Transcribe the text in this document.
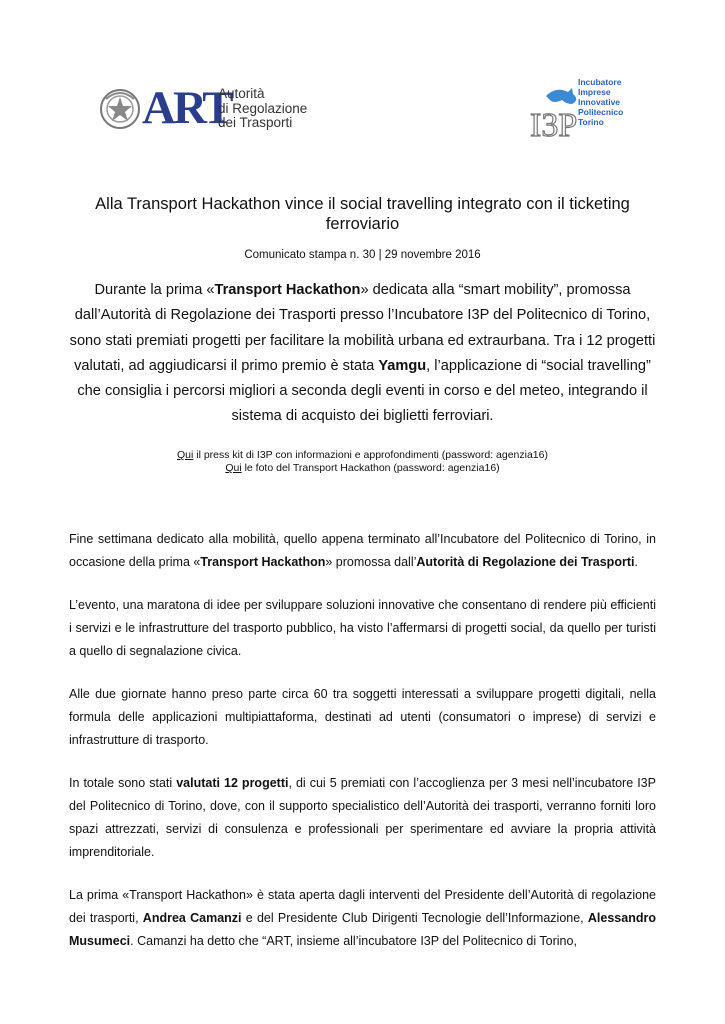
ART
Autorità
di Regolazione
dei Trasporti	I3P
Incubatore
Imprese
Innovative
Politecnico
Torino
Alla Transport Hackathon vince il social travelling integrato con il ticketing ferroviario
Comunicato stampa n. 30 | 29 novembre 2016
Durante la prima «Transport Hackathon» dedicata alla “smart mobility”, promossa dall’Autorità di Regolazione dei Trasporti presso l’Incubatore I3P del Politecnico di Torino, sono stati premiati progetti per facilitare la mobilità urbana ed extraurbana. Tra i 12 progetti valutati, ad aggiudicarsi il primo premio è stata Yamgu, l’applicazione di “social travelling” che consiglia i percorsi migliori a seconda degli eventi in corso e del meteo, integrando il sistema di acquisto dei biglietti ferroviari.
Qui il press kit di I3P con informazioni e approfondimenti (password: agenzia16)
Qui le foto del Transport Hackathon (password: agenzia16)

Fine settimana dedicato alla mobilità, quello appena terminato all’Incubatore del Politecnico di Torino, in occasione della prima «Transport Hackathon» promossa dall’Autorità di Regolazione dei Trasporti.

L’evento, una maratona di idee per sviluppare soluzioni innovative che consentano di rendere più efficienti i servizi e le infrastrutture del trasporto pubblico, ha visto l’affermarsi di progetti social, da quello per turisti a quello di segnalazione civica.

Alle due giornate hanno preso parte circa 60 tra soggetti interessati a sviluppare progetti digitali, nella formula delle applicazioni multipiattaforma, destinati ad utenti (consumatori o imprese) di servizi e infrastrutture di trasporto.

In totale sono stati valutati 12 progetti, di cui 5 premiati con l’accoglienza per 3 mesi nell’incubatore I3P del Politecnico di Torino, dove, con il supporto specialistico dell’Autorità dei trasporti, verranno forniti loro spazi attrezzati, servizi di consulenza e professionali per sperimentare ed avviare la propria attività imprenditoriale.

La prima «Transport Hackathon» è stata aperta dagli interventi del Presidente dell’Autorità di regolazione dei trasporti, Andrea Camanzi e del Presidente Club Dirigenti Tecnologie dell’Informazione, Alessandro Musumeci. Camanzi ha detto che “ART, insieme all’incubatore I3P del Politecnico di Torino,
